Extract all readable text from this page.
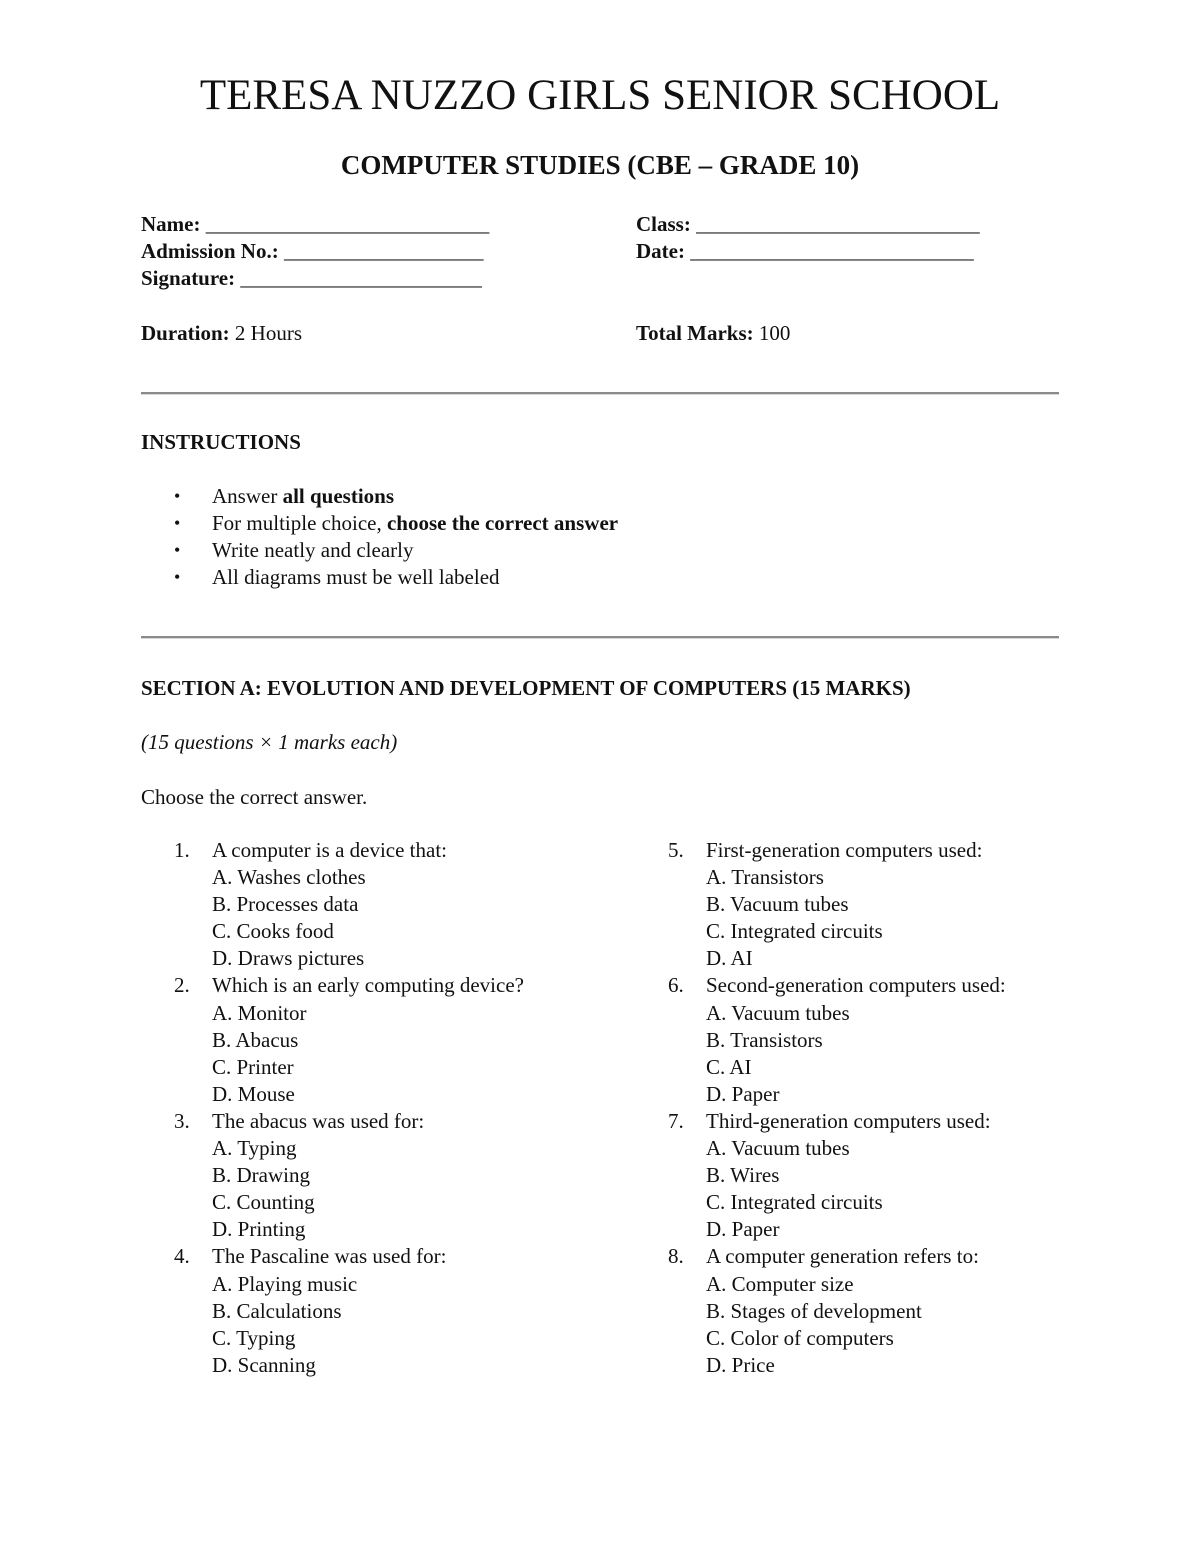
TERESA NUZZO GIRLS SENIOR SCHOOL
COMPUTER STUDIES (CBE – GRADE 10)
Name: ___________________________	Class: ___________________________
Admission No.: ___________________	Date: ___________________________
Signature: _______________________
Duration: 2 Hours	Total Marks: 100
INSTRUCTIONS
• Answer all questions
• For multiple choice, choose the correct answer
• Write neatly and clearly
• All diagrams must be well labeled
SECTION A: EVOLUTION AND DEVELOPMENT OF COMPUTERS (15 MARKS)
(15 questions × 1 marks each)
Choose the correct answer.
1. A computer is a device that:
A. Washes clothes
B. Processes data
C. Cooks food
D. Draws pictures
2. Which is an early computing device?
A. Monitor
B. Abacus
C. Printer
D. Mouse
3. The abacus was used for:
A. Typing
B. Drawing
C. Counting
D. Printing
4. The Pascaline was used for:
A. Playing music
B. Calculations
C. Typing
D. Scanning
5. First-generation computers used:
A. Transistors
B. Vacuum tubes
C. Integrated circuits
D. AI
6. Second-generation computers used:
A. Vacuum tubes
B. Transistors
C. AI
D. Paper
7. Third-generation computers used:
A. Vacuum tubes
B. Wires
C. Integrated circuits
D. Paper
8. A computer generation refers to:
A. Computer size
B. Stages of development
C. Color of computers
D. Price
